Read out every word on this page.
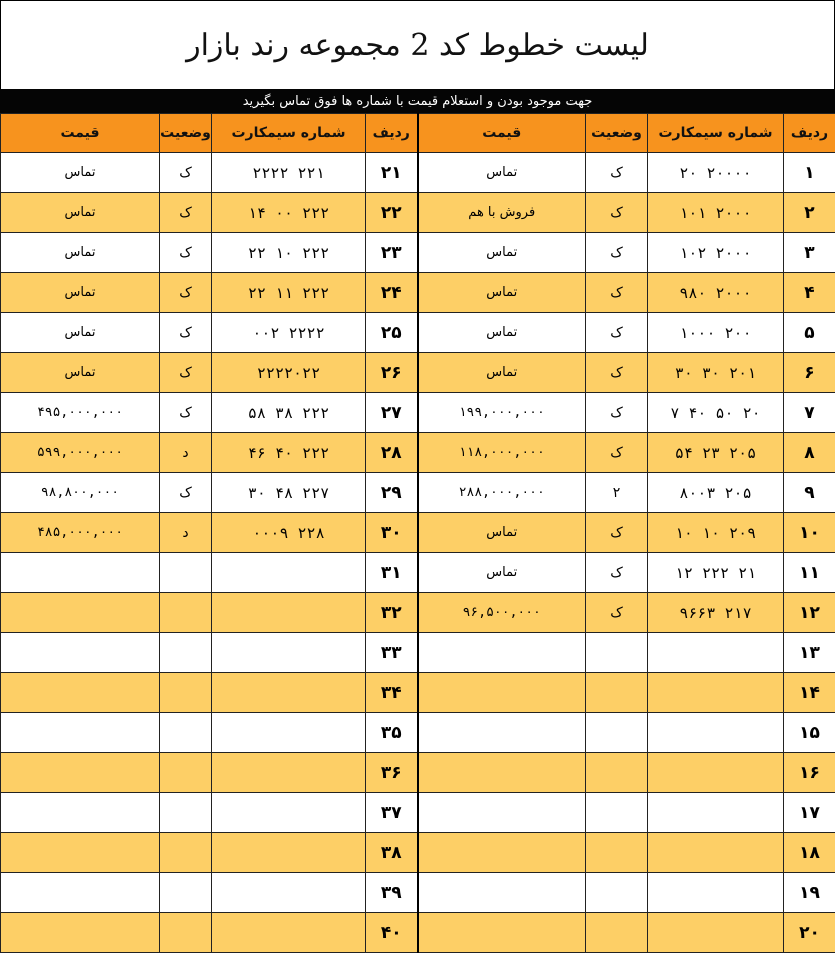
لیست خطوط کد 2 مجموعه رند بازار
جهت موجود بودن و استعلام قیمت با شماره ها فوق تماس بگیرید
ردیف	شماره سیمکارت	وضعیت	قیمت	ردیف	شماره سیمکارت	وضعیت	قیمت
۱	۲۰۰۰۰ ۲۰	ک	تماس	۲۱	۲۲۱ ۲۲۲۲	ک	تماس
۲	۲۰۰۰ ۱۰۱	ک	فروش با هم	۲۲	۲۲۲ ۰۰ ۱۴	ک	تماس
۳	۲۰۰۰ ۱۰۲	ک	تماس	۲۳	۲۲۲ ۱۰ ۲۲	ک	تماس
۴	۲۰۰۰ ۹۸۰	ک	تماس	۲۴	۲۲۲ ۱۱ ۲۲	ک	تماس
۵	۲۰۰ ۱۰۰۰	ک	تماس	۲۵	۲۲۲۲ ۰۰۲	ک	تماس
۶	۲۰۱ ۳۰ ۳۰	ک	تماس	۲۶	۲۲۲۲۰۲۲	ک	تماس
۷	۲۰ ۵۰ ۴۰ ۷	ک	۱۹۹,۰۰۰,۰۰۰	۲۷	۲۲۲ ۳۸ ۵۸	ک	۴۹۵,۰۰۰,۰۰۰
۸	۲۰۵ ۲۳ ۵۴	ک	۱۱۸,۰۰۰,۰۰۰	۲۸	۲۲۲ ۴۰ ۴۶	د	۵۹۹,۰۰۰,۰۰۰
۹	۲۰۵ ۸۰۰۳	۲	۲۸۸,۰۰۰,۰۰۰	۲۹	۲۲۷ ۴۸ ۳۰	ک	۹۸,۸۰۰,۰۰۰
۱۰	۲۰۹ ۱۰ ۱۰	ک	تماس	۳۰	۲۲۸ ۰۰۰۹	د	۴۸۵,۰۰۰,۰۰۰
۱۱	۲۱ ۲۲۲ ۱۲	ک	تماس	۳۱			
۱۲	۲۱۷ ۹۶۶۳	ک	۹۶,۵۰۰,۰۰۰	۳۲			
۱۳				۳۳			
۱۴				۳۴			
۱۵				۳۵			
۱۶				۳۶			
۱۷				۳۷			
۱۸				۳۸			
۱۹				۳۹			
۲۰				۴۰			
